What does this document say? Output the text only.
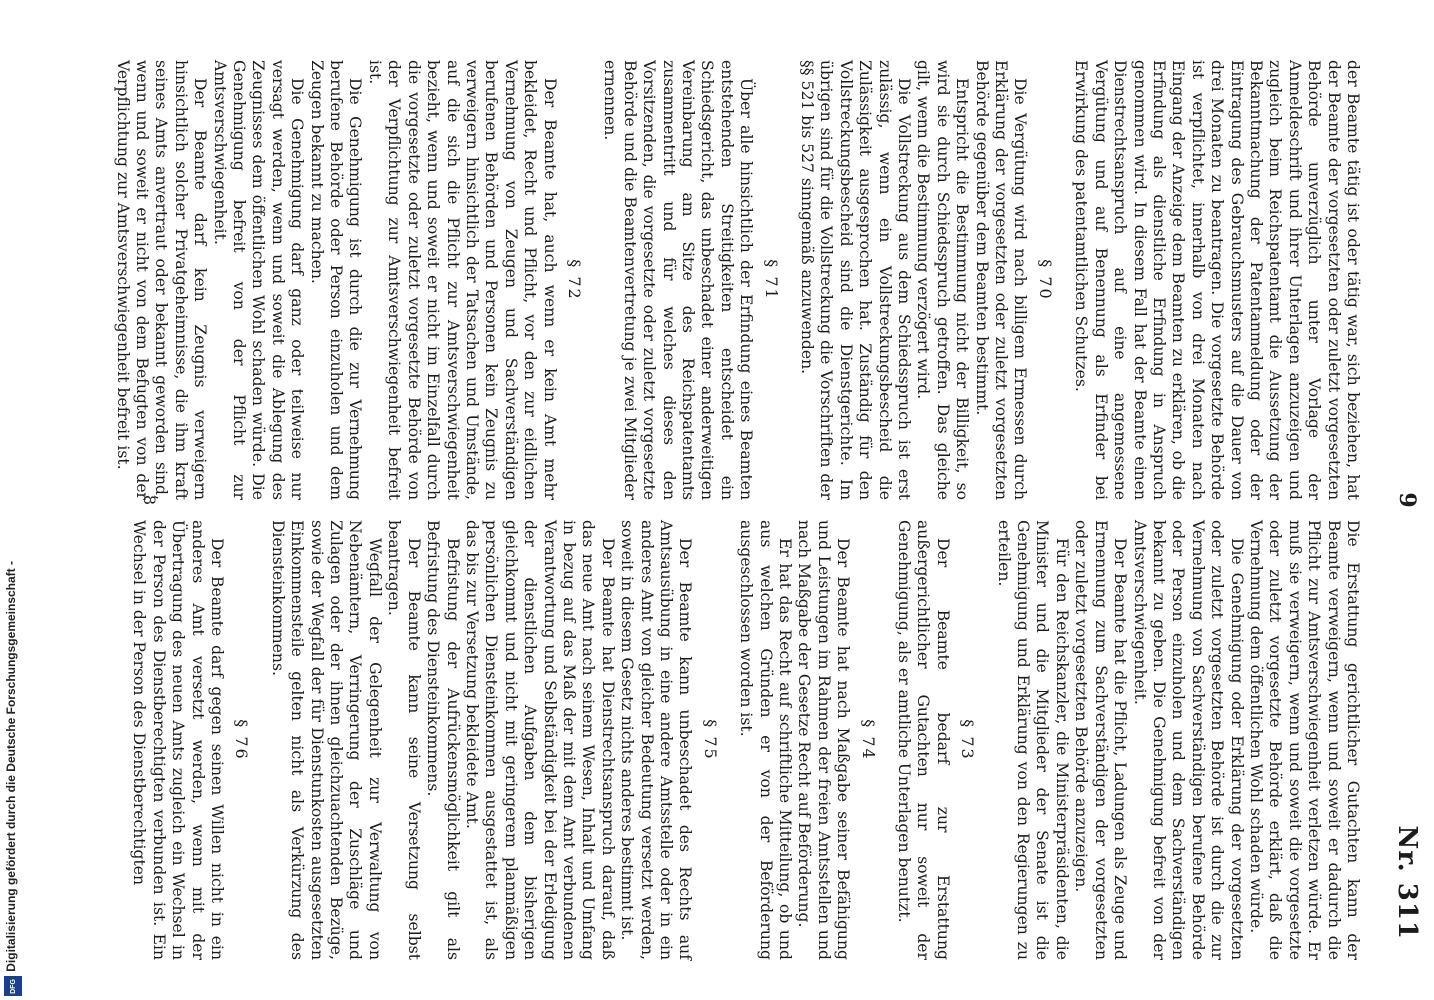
9
Nr. 311

der Beamte tätig ist oder tätig war, sich beziehen, hat der Beamte der vorgesetzten oder zuletzt vorgesetzten Behörde unverzüglich unter Vorlage der Anmeldeschrift und ihrer Unterlagen anzuzeigen und zugleich beim Reichspatentamt die Aussetzung der Bekanntmachung der Patentanmeldung oder der Eintragung des Gebrauchsmusters auf die Dauer von drei Monaten zu beantragen. Die vorgesetzte Behörde ist verpflichtet, innerhalb von drei Monaten nach Eingang der Anzeige dem Beamten zu erklären, ob die Erfindung als dienstliche Erfindung in Anspruch genommen wird. In diesem Fall hat der Beamte einen Dienstrechtsanspruch auf eine angemessene Vergütung und auf Benennung als Erfinder bei Erwirkung des patentamtlichen Schutzes.

§ 70

Die Vergütung wird nach billigem Ermessen durch Erklärung der vorgesetzten oder zuletzt vorgesetzten Behörde gegenüber dem Beamten bestimmt.

Entspricht die Bestimmung nicht der Billigkeit, so wird sie durch Schiedsspruch getroffen. Das gleiche gilt, wenn die Bestimmung verzögert wird.

Die Vollstreckung aus dem Schiedsspruch ist erst zulässig, wenn ein Vollstreckungsbescheid die Zulässigkeit ausgesprochen hat. Zuständig für den Vollstreckungsbescheid sind die Dienstgerichte. Im übrigen sind für die Vollstreckung die Vorschriften der §§ 521 bis 527 sinngemäß anzuwenden.

§ 71

Über alle hinsichtlich der Erfindung eines Beamten entstehenden Streitigkeiten entscheidet ein Schiedsgericht, das unbeschadet einer anderweitigen Vereinbarung am Sitze des Reichspatentamts zusammentritt und für welches dieses den Vorsitzenden, die vorgesetzte oder zuletzt vorgesetzte Behörde und die Beamtenvertretung je zwei Mitglieder ernennen.

§ 72

Der Beamte hat, auch wenn er kein Amt mehr bekleidet, Recht und Pflicht, vor den zur eidlichen Vernehmung von Zeugen und Sachverständigen berufenen Behörden und Personen kein Zeugnis zu verweigern hinsichtlich der Tatsachen und Umstände, auf die sich die Pflicht zur Amtsverschwiegenheit bezieht, wenn und soweit er nicht im Einzelfall durch die vorgesetzte oder zuletzt vorgesetzte Behörde von der Verpflichtung zur Amtsverschwiegenheit befreit ist.

Die Genehmigung ist durch die zur Vernehmung berufene Behörde oder Person einzuholen und dem Zeugen bekannt zu machen.

Die Genehmigung darf ganz oder teilweise nur versagt werden, wenn und soweit die Ablegung des Zeugnisses dem öffentlichen Wohl schaden würde. Die Genehmigung befreit von der Pflicht zur Amtsverschwiegenheit.

Der Beamte darf kein Zeugnis verweigern hinsichtlich solcher Privatgeheimnisse, die ihm kraft seines Amts anvertraut oder bekannt geworden sind, wenn und soweit er nicht von dem Befugten von der Verpflichtung zur Amtsverschwiegenheit befreit ist.

Die Erstattung gerichtlicher Gutachten kann der Beamte verweigern, wenn und soweit er dadurch die Pflicht zur Amtsverschwiegenheit verletzen würde. Er muß sie verweigern, wenn und soweit die vorgesetzte oder zuletzt vorgesetzte Behörde erklärt, daß die Vernehmung dem öffentlichen Wohl schaden würde.

Die Genehmigung oder Erklärung der vorgesetzten oder zuletzt vorgesetzten Behörde ist durch die zur Vernehmung von Sachverständigen berufene Behörde oder Person einzuholen und dem Sachverständigen bekannt zu geben. Die Genehmigung befreit von der Amtsverschwiegenheit.

Der Beamte hat die Pflicht, Ladungen als Zeuge und Ernennung zum Sachverständigen der vorgesetzten oder zuletzt vorgesetzten Behörde anzuzeigen.

Für den Reichskanzler, die Ministerpräsidenten, die Minister und die Mitglieder der Senate ist die Genehmigung und Erklärung von den Regierungen zu erteilen.

§ 73

Der Beamte bedarf zur Erstattung außergerichtlicher Gutachten nur soweit der Genehmigung, als er amtliche Unterlagen benutzt.

§ 74

Der Beamte hat nach Maßgabe seiner Befähigung und Leistungen im Rahmen der freien Amtsstellen und nach Maßgabe der Gesetze Recht auf Beförderung.

Er hat das Recht auf schriftliche Mitteilung, ob und aus welchen Gründen er von der Beförderung ausgeschlossen worden ist.

§ 75

Der Beamte kann unbeschadet des Rechts auf Amtsausübung in eine andere Amtsstelle oder in ein anderes Amt von gleicher Bedeutung versetzt werden, soweit in diesem Gesetz nichts anderes bestimmt ist.

Der Beamte hat Dienstrechtsanspruch darauf, daß das neue Amt nach seinem Wesen, Inhalt und Umfang in bezug auf das Maß der mit dem Amt verbundenen Verantwortung und Selbständigkeit bei der Erledigung der dienstlichen Aufgaben dem bisherigen gleichkommt und nicht mit geringerem planmäßigen persönlichen Diensteinkommen ausgestattet ist, als das bis zur Versetzung bekleidete Amt.

Befristung der Aufrückensmöglichkeit gilt als Befristung des Diensteinkommens.

Der Beamte kann seine Versetzung selbst beantragen.

Wegfall der Gelegenheit zur Verwaltung von Nebenämtern, Verringerung der Zuschläge und Zulagen oder der ihnen gleichzuachtenden Bezüge, sowie der Wegfall der für Dienstunkosten ausgesetzten Einkommensteile gelten nicht als Verkürzung des Diensteinkommens.

§ 76

Der Beamte darf gegen seinen Willen nicht in ein anderes Amt versetzt werden, wenn mit der Übertragung des neuen Amts zugleich ein Wechsel in der Person des Dienstberechtigten verbunden ist. Ein Wechsel in der Person des Dienstberechtigten

8
Digitalisierung gefördert durch die Deutsche Forschungsgemeinschaft -
DFG
